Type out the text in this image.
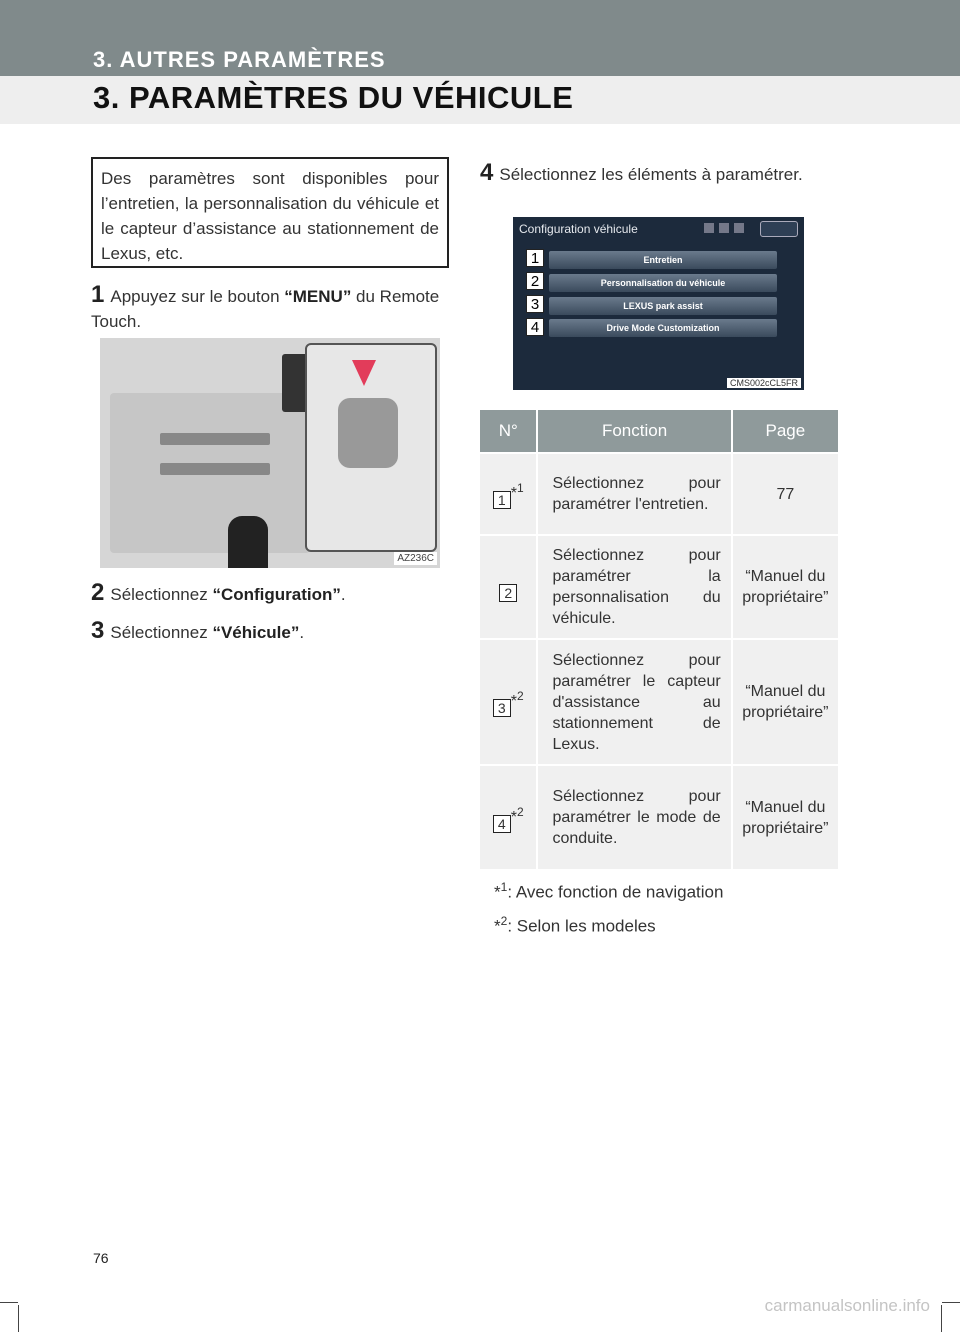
3. AUTRES PARAMÈTRES
3. PARAMÈTRES DU VÉHICULE
Des paramètres sont disponibles pour l’entretien, la personnalisation du véhicule et le capteur d’assistance au stationnement de Lexus, etc.
1 Appuyez sur le bouton “MENU” du Remote Touch.
AZ236C
2 Sélectionnez “Configuration”.
3 Sélectionnez “Véhicule”.
4 Sélectionnez les éléments à paramétrer.
Configuration véhicule
Entretien
Personnalisation du véhicule
LEXUS park assist
Drive Mode Customization
1
2
3
4
CMS002cCL5FR
N°	Fonction	Page
1 *$^1$	Sélectionnez pour paramétrer l'entretien.	77
2	Sélectionnez pour paramétrer la personnalisation du véhicule.	“Manuel du propriétaire”
3 *$^2$	Sélectionnez pour paramétrer le capteur d'assistance au stationnement de Lexus.	“Manuel du propriétaire”
4 *$^2$	Sélectionnez pour paramétrer le mode de conduite.	“Manuel du propriétaire”
*$^1$: Avec fonction de navigation
*$^2$: Selon les modeles
76
carmanualsonline.info
